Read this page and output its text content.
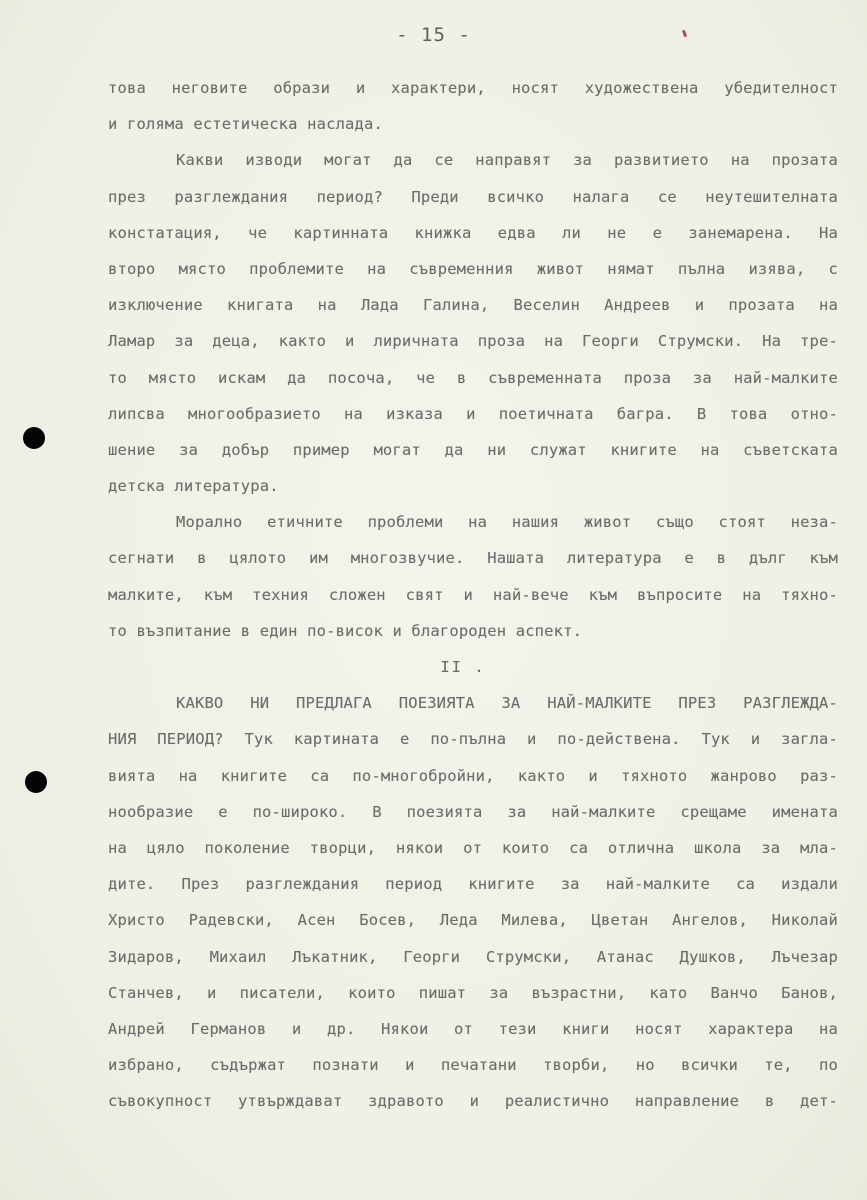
- 15 -
това неговите образи и характери, носят художествена убедителност
и голяма естетическа наслада.
Какви изводи могат да се направят за развитието на прозата
през разглеждания период? Преди всичко налага се неутешителната
констатация, че картинната книжка едва ли не е занемарена. На
второ място проблемите на съвременния живот нямат пълна изява, с
изключение книгата на Лада Галина, Веселин Андреев и прозата на
Ламар за деца, както и лиричната проза на Георги Струмски. На тре-
то място искам да посоча, че в съвременната проза за най-малките
липсва многообразието на изказа и поетичната багра. В това отно-
шение за добър пример могат да ни служат книгите на съветската
детска литература.
Морално етичните проблеми на нашия живот също стоят неза-
сегнати в цялото им многозвучие. Нашата литература е в дълг към
малките, към техния сложен свят и най-вече към въпросите на тяхно-
то възпитание в един по-висок и благороден аспект.
II .
КАКВО НИ ПРЕДЛАГА ПОЕЗИЯТА ЗА НАЙ-МАЛКИТЕ ПРЕЗ РАЗГЛЕЖДА-
НИЯ ПЕРИОД? Тук картината е по-пълна и по-действена. Тук и загла-
вията на книгите са по-многобройни, както и тяхното жанрово раз-
нообразие е по-широко. В поезията за най-малките срещаме имената
на цяло поколение творци, някои от които са отлична школа за мла-
дите. През разглеждания период книгите за най-малките са издали
Христо Радевски, Асен Босев, Леда Милева, Цветан Ангелов, Николай
Зидаров, Михаил Лъкатник, Георги Струмски, Атанас Душков, Лъчезар
Станчев, и писатели, които пишат за възрастни, като Ванчо Банов,
Андрей Германов и др. Някои от тези книги носят характера на
избрано, съдържат познати и печатани творби, но всички те, по
съвокупност утвърждават здравото и реалистично направление в дет-
